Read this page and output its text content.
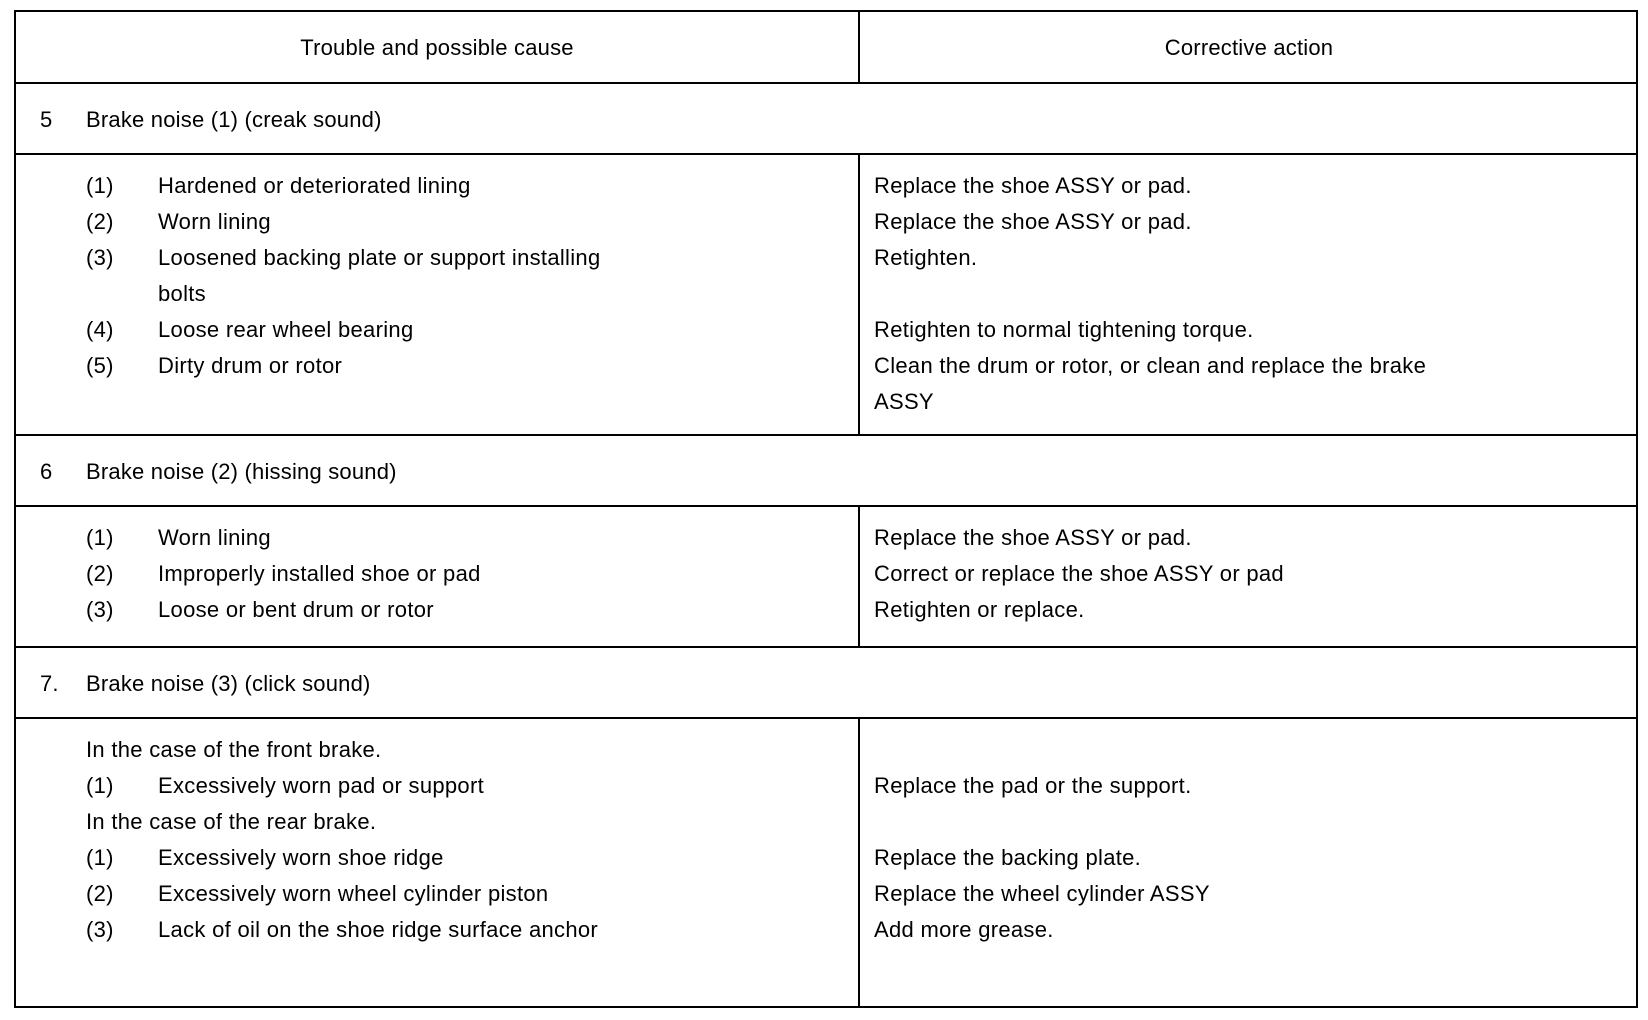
Trouble and possible cause	Corrective action
5 Brake noise (1) (creak sound)
(1) Hardened or deteriorated lining
(2) Worn lining
(3) Loosened backing plate or support installing
bolts
(4) Loose rear wheel bearing
(5) Dirty drum or rotor
Replace the shoe ASSY or pad.
Replace the shoe ASSY or pad.
Retighten.
Retighten to normal tightening torque.
Clean the drum or rotor, or clean and replace the brake
ASSY
6 Brake noise (2) (hissing sound)
(1) Worn lining
(2) Improperly installed shoe or pad
(3) Loose or bent drum or rotor
Replace the shoe ASSY or pad.
Correct or replace the shoe ASSY or pad
Retighten or replace.
7. Brake noise (3) (click sound)
In the case of the front brake.
(1) Excessively worn pad or support
In the case of the rear brake.
(1) Excessively worn shoe ridge
(2) Excessively worn wheel cylinder piston
(3) Lack of oil on the shoe ridge surface anchor
Replace the pad or the support.
Replace the backing plate.
Replace the wheel cylinder ASSY
Add more grease.
